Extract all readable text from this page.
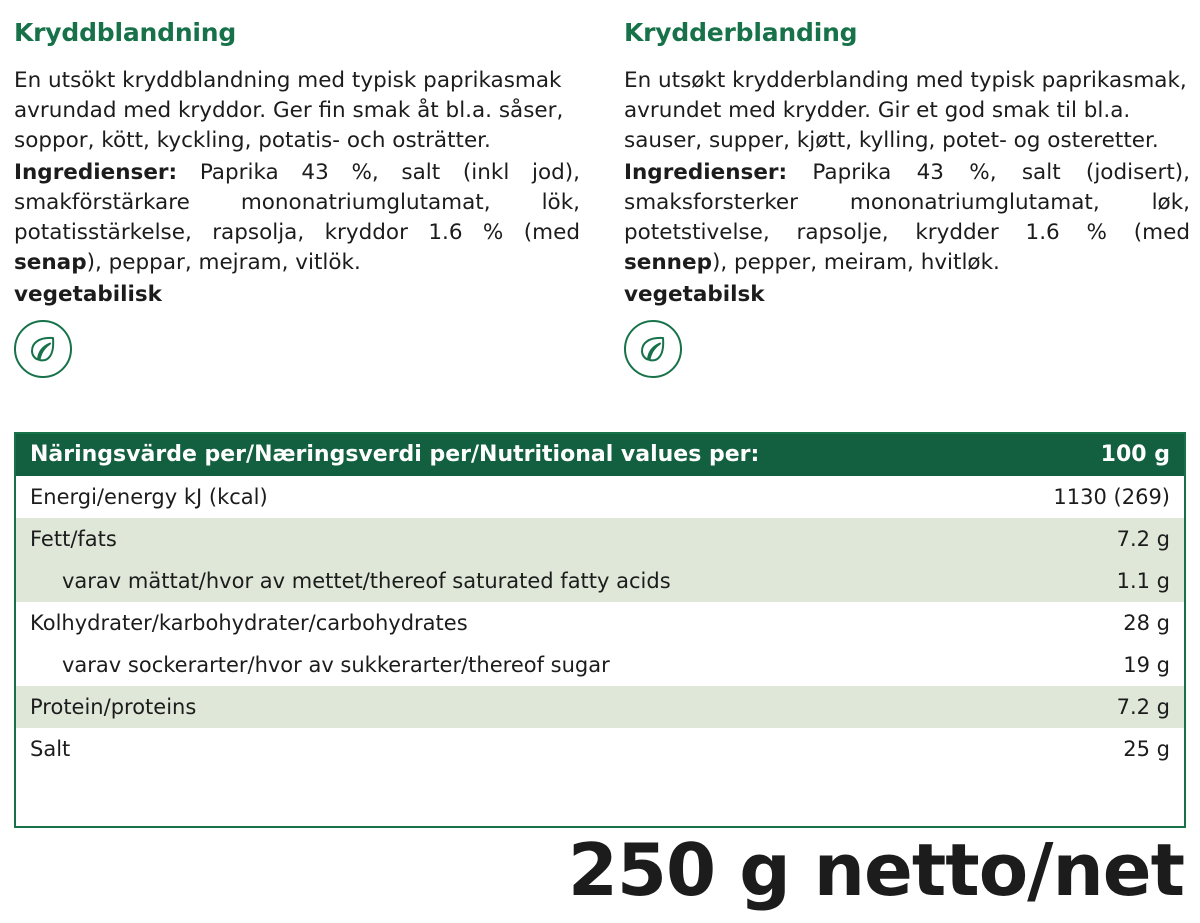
Kryddblandning

En utsökt kryddblandning med typisk paprikasmak avrundad med kryddor. Ger fin smak åt bl.a. såser, soppor, kött, kyckling, potatis- och osträtter.

Ingredienser: Paprika 43 %, salt (inkl jod), smakförstärkare mononatriumglutamat, lök, potatisstärkelse, rapsolja, kryddor 1.6 % (med senap), peppar, mejram, vitlök.

vegetabilisk
Krydderblanding

En utsøkt krydderblanding med typisk paprikasmak, avrundet med krydder. Gir et god smak til bl.a. sauser, supper, kjøtt, kylling, potet- og osteretter.

Ingredienser: Paprika 43 %, salt (jodisert), smaksforsterker mononatriumglutamat, løk, potetstivelse, rapsolje, krydder 1.6 % (med sennep), pepper, meiram, hvitløk.

vegetabilsk
Näringsvärde per/Næringsverdi per/Nutritional values per:	100 g
Energi/energy kJ (kcal)	1130 (269)
Fett/fats	7.2 g
varav mättat/hvor av mettet/thereof saturated fatty acids	1.1 g
Kolhydrater/karbohydrater/carbohydrates	28 g
varav sockerarter/hvor av sukkerarter/thereof sugar	19 g
Protein/proteins	7.2 g
Salt	25 g
250 g netto/net
